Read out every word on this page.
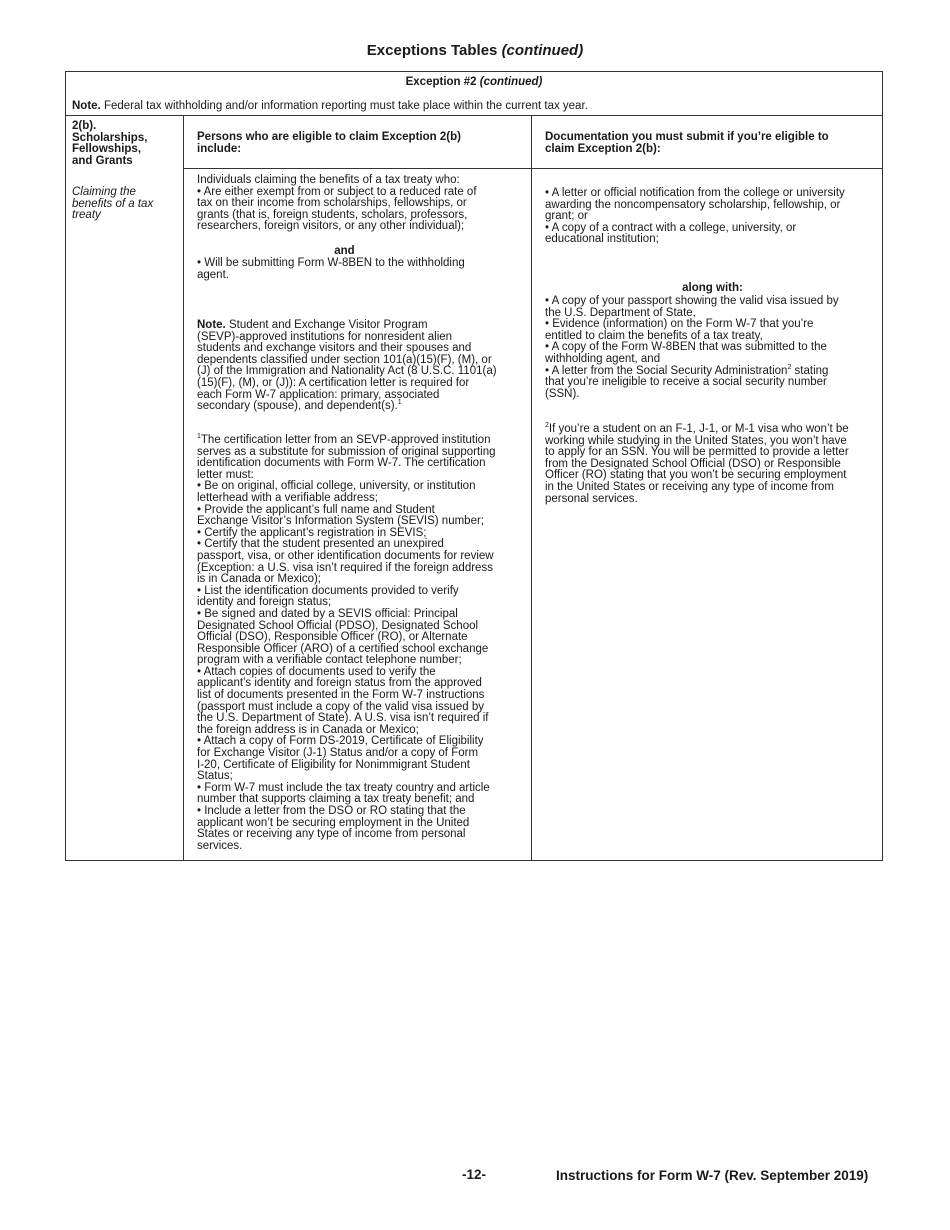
Exceptions Tables (continued)
Exception #2 (continued)
Note. Federal tax withholding and/or information reporting must take place within the current tax year.
2(b).
Scholarships,
Fellowships,
and Grants
Claiming the
benefits of a tax
treaty
Persons who are eligible to claim Exception 2(b)
include:
Documentation you must submit if you’re eligible to
claim Exception 2(b):
Individuals claiming the benefits of a tax treaty who:
• Are either exempt from or subject to a reduced rate of
tax on their income from scholarships, fellowships, or
grants (that is, foreign students, scholars, professors,
researchers, foreign visitors, or any other individual);
and
• Will be submitting Form W-8BEN to the withholding
agent.
Note. Student and Exchange Visitor Program
(SEVP)-approved institutions for nonresident alien
students and exchange visitors and their spouses and
dependents classified under section 101(a)(15)(F), (M), or
(J) of the Immigration and Nationality Act (8 U.S.C. 1101(a)
(15)(F), (M), or (J)): A certification letter is required for
each Form W-7 application: primary, associated
secondary (spouse), and dependent(s).$^1$
$^1$The certification letter from an SEVP-approved institution
serves as a substitute for submission of original supporting
identification documents with Form W-7. The certification
letter must:
• Be on original, official college, university, or institution
letterhead with a verifiable address;
• Provide the applicant’s full name and Student
Exchange Visitor’s Information System (SEVIS) number;
• Certify the applicant’s registration in SEVIS;
• Certify that the student presented an unexpired
passport, visa, or other identification documents for review
(Exception: a U.S. visa isn’t required if the foreign address
is in Canada or Mexico);
• List the identification documents provided to verify
identity and foreign status;
• Be signed and dated by a SEVIS official: Principal
Designated School Official (PDSO), Designated School
Official (DSO), Responsible Officer (RO), or Alternate
Responsible Officer (ARO) of a certified school exchange
program with a verifiable contact telephone number;
• Attach copies of documents used to verify the
applicant’s identity and foreign status from the approved
list of documents presented in the Form W-7 instructions
(passport must include a copy of the valid visa issued by
the U.S. Department of State). A U.S. visa isn’t required if
the foreign address is in Canada or Mexico;
• Attach a copy of Form DS-2019, Certificate of Eligibility
for Exchange Visitor (J-1) Status and/or a copy of Form
I-20, Certificate of Eligibility for Nonimmigrant Student
Status;
• Form W-7 must include the tax treaty country and article
number that supports claiming a tax treaty benefit; and
• Include a letter from the DSO or RO stating that the
applicant won’t be securing employment in the United
States or receiving any type of income from personal
services.
• A letter or official notification from the college or university
awarding the noncompensatory scholarship, fellowship, or
grant; or
• A copy of a contract with a college, university, or
educational institution;
along with:
• A copy of your passport showing the valid visa issued by
the U.S. Department of State,
• Evidence (information) on the Form W-7 that you’re
entitled to claim the benefits of a tax treaty,
• A copy of the Form W-8BEN that was submitted to the
withholding agent, and
• A letter from the Social Security Administration$^2$ stating
that you’re ineligible to receive a social security number
(SSN).
$^2$If you’re a student on an F-1, J-1, or M-1 visa who won’t be
working while studying in the United States, you won’t have
to apply for an SSN. You will be permitted to provide a letter
from the Designated School Official (DSO) or Responsible
Officer (RO) stating that you won’t be securing employment
in the United States or receiving any type of income from
personal services.
-12-	Instructions for Form W-7 (Rev. September 2019)
